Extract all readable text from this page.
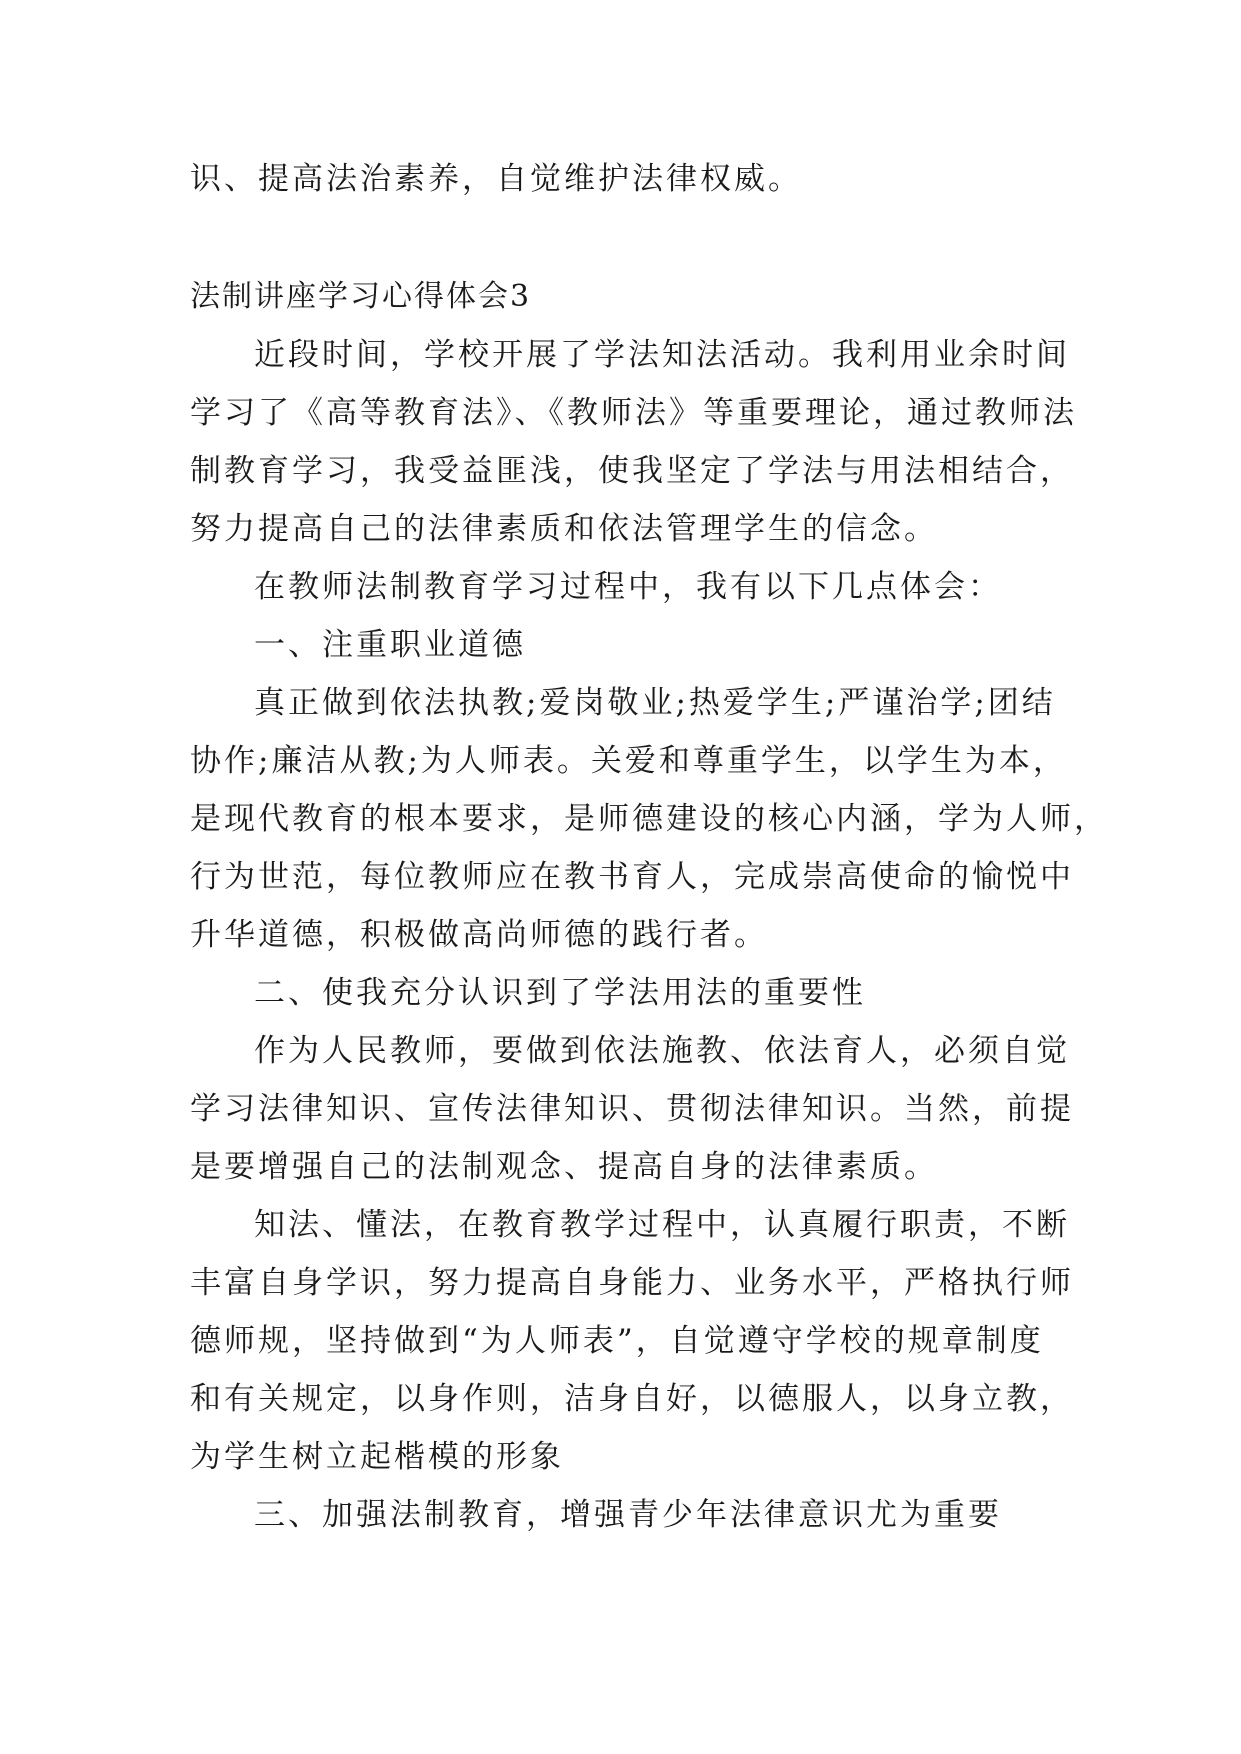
识、提高法治素养，自觉维护法律权威。

法制讲座学习心得体会3

近段时间，学校开展了学法知法活动。我利用业余时间

学习了《高等教育法》、《教师法》等重要理论，通过教师法

制教育学习，我受益匪浅，使我坚定了学法与用法相结合，

努力提高自己的法律素质和依法管理学生的信念。

在教师法制教育学习过程中，我有以下几点体会：

一、注重职业道德

真正做到依法执教;爱岗敬业;热爱学生;严谨治学;团结

协作;廉洁从教;为人师表。关爱和尊重学生，以学生为本，

是现代教育的根本要求，是师德建设的核心内涵，学为人师，

行为世范，每位教师应在教书育人，完成崇高使命的愉悦中

升华道德，积极做高尚师德的践行者。

二、使我充分认识到了学法用法的重要性

作为人民教师，要做到依法施教、依法育人，必须自觉

学习法律知识、宣传法律知识、贯彻法律知识。当然，前提

是要增强自己的法制观念、提高自身的法律素质。

知法、懂法，在教育教学过程中，认真履行职责，不断

丰富自身学识，努力提高自身能力、业务水平，严格执行师

德师规，坚持做到“为人师表”，自觉遵守学校的规章制度

和有关规定，以身作则，洁身自好，以德服人，以身立教，

为学生树立起楷模的形象

三、加强法制教育，增强青少年法律意识尤为重要
